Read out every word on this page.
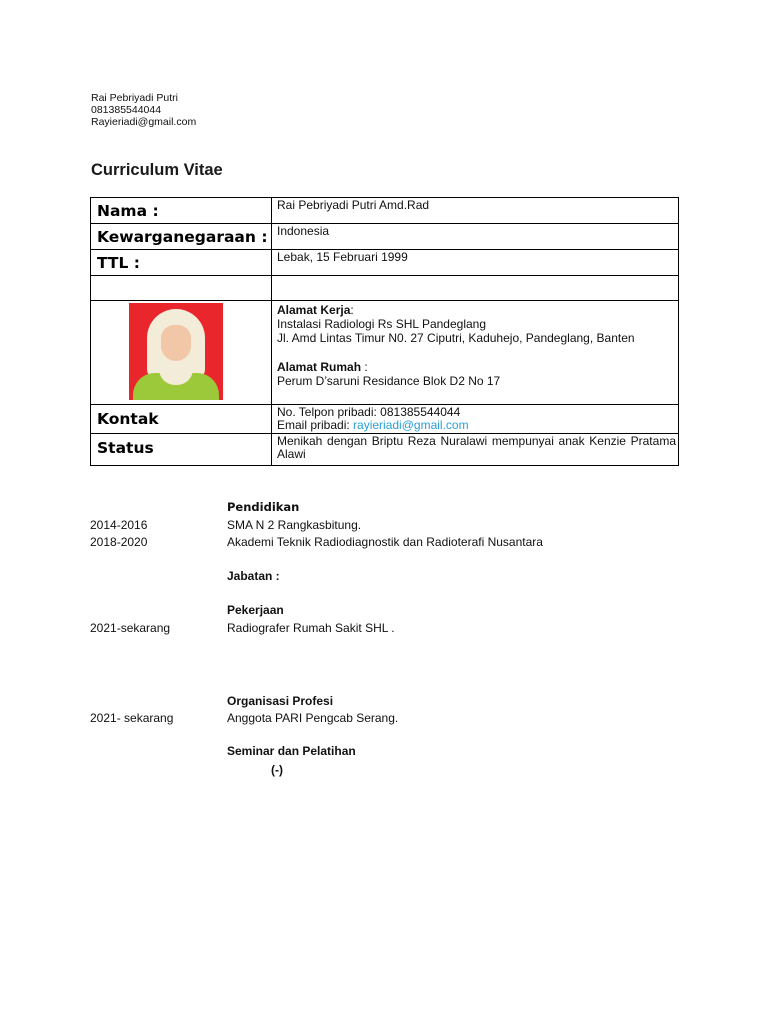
Rai Pebriyadi Putri
081385544044
Rayieriadi@gmail.com
Curriculum Vitae
Nama :	Rai Pebriyadi Putri Amd.Rad
Kewarganegaraan :	Indonesia
TTL :	Lebak, 15 Februari 1999

	Alamat Kerja:
Instalasi Radiologi Rs SHL Pandeglang
Jl. Amd Lintas Timur N0. 27 Ciputri, Kaduhejo, Pandeglang, Banten
Alamat Rumah :
Perum D’saruni Residance Blok D2 No 17

Kontak	No. Telpon pribadi: 081385544044
Email pribadi: rayieriadi@gmail.com

Status	Menikah dengan Briptu Reza Nuralawi mempunyai anak Kenzie Pratama Alawi
Pendidikan
2014-2016	SMA N 2 Rangkasbitung.
2018-2020	Akademi Teknik Radiodiagnostik dan Radioterafi Nusantara
Jabatan :
Pekerjaan
2021-sekarang	Radiografer Rumah Sakit SHL .
Organisasi Profesi
2021- sekarang	Anggota PARI Pengcab Serang.
Seminar dan Pelatihan
(-)
